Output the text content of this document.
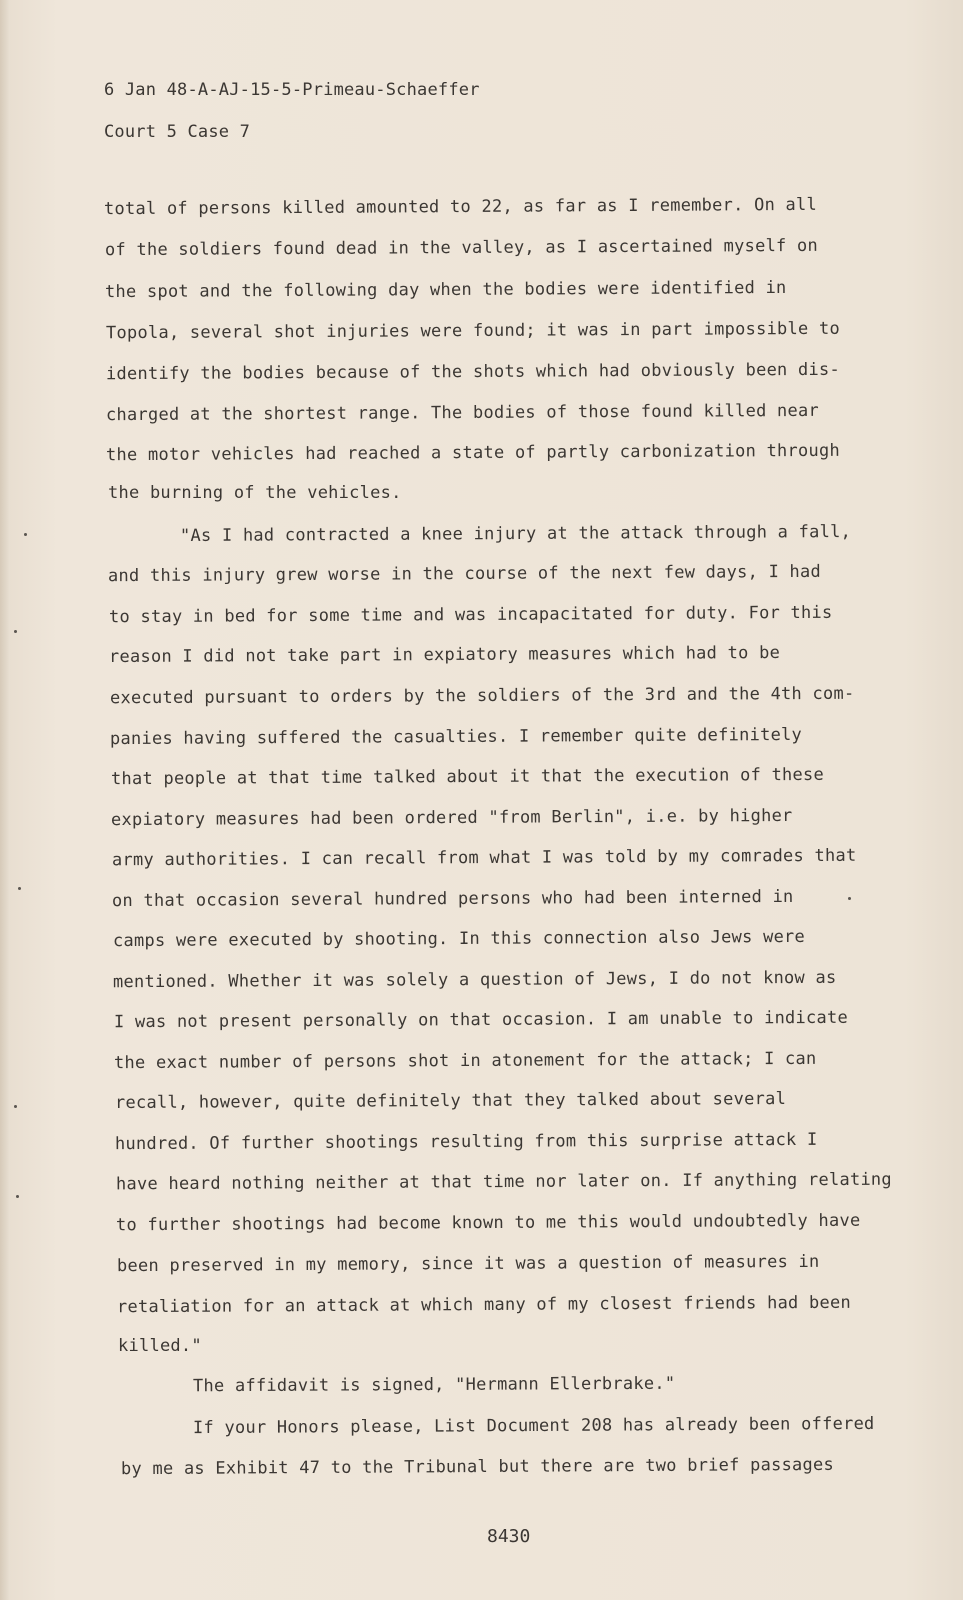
6 Jan 48-A-AJ-15-5-Primeau-Schaeffer
Court 5 Case 7
total of persons killed amounted to 22, as far as I remember. On all
of the soldiers found dead in the valley, as I ascertained myself on
the spot and the following day when the bodies were identified in
Topola, several shot injuries were found; it was in part impossible to
identify the bodies because of the shots which had obviously been dis-
charged at the shortest range. The bodies of those found killed near
the motor vehicles had reached a state of partly carbonization through
the burning of the vehicles.
"As I had contracted a knee injury at the attack through a fall,
and this injury grew worse in the course of the next few days, I had
to stay in bed for some time and was incapacitated for duty. For this
reason I did not take part in expiatory measures which had to be
executed pursuant to orders by the soldiers of the 3rd and the 4th com-
panies having suffered the casualties. I remember quite definitely
that people at that time talked about it that the execution of these
expiatory measures had been ordered "from Berlin", i.e. by higher
army authorities. I can recall from what I was told by my comrades that
on that occasion several hundred persons who had been interned in
camps were executed by shooting. In this connection also Jews were
mentioned. Whether it was solely a question of Jews, I do not know as
I was not present personally on that occasion. I am unable to indicate
the exact number of persons shot in atonement for the attack; I can
recall, however, quite definitely that they talked about several
hundred. Of further shootings resulting from this surprise attack I
have heard nothing neither at that time nor later on. If anything relating
to further shootings had become known to me this would undoubtedly have
been preserved in my memory, since it was a question of measures in
retaliation for an attack at which many of my closest friends had been
killed."
The affidavit is signed, "Hermann Ellerbrake."
If your Honors please, List Document 208 has already been offered
by me as Exhibit 47 to the Tribunal but there are two brief passages
8430
